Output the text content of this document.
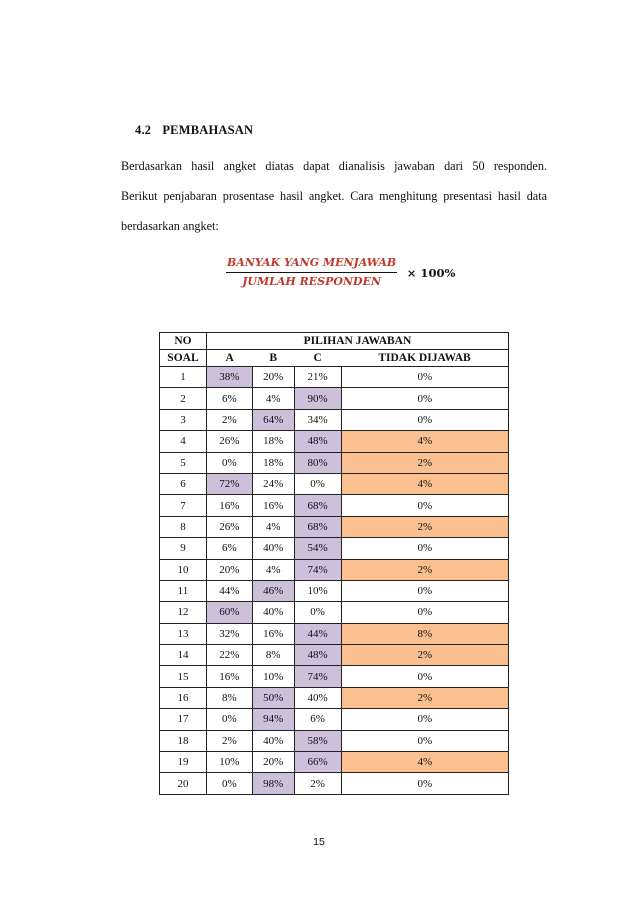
4.2 PEMBAHASAN
Berdasarkan hasil angket diatas dapat dianalisis jawaban dari 50 responden.
Berikut penjabaran prosentase hasil angket. Cara menghitung presentasi hasil data
berdasarkan angket:
$\frac{\text{BANYAK YANG MENJAWAB}}{\text{JUMLAH RESPONDEN}} \times 100\%$
NO	PILIHAN JAWABAN			
SOAL	A	B	C	TIDAK DIJAWAB
1	38%	20%	21%	0%
2	6%	4%	90%	0%
3	2%	64%	34%	0%
4	26%	18%	48%	4%
5	0%	18%	80%	2%
6	72%	24%	0%	4%
7	16%	16%	68%	0%
8	26%	4%	68%	2%
9	6%	40%	54%	0%
10	20%	4%	74%	2%
11	44%	46%	10%	0%
12	60%	40%	0%	0%
13	32%	16%	44%	8%
14	22%	8%	48%	2%
15	16%	10%	74%	0%
16	8%	50%	40%	2%
17	0%	94%	6%	0%
18	2%	40%	58%	0%
19	10%	20%	66%	4%
20	0%	98%	2%	0%
15
